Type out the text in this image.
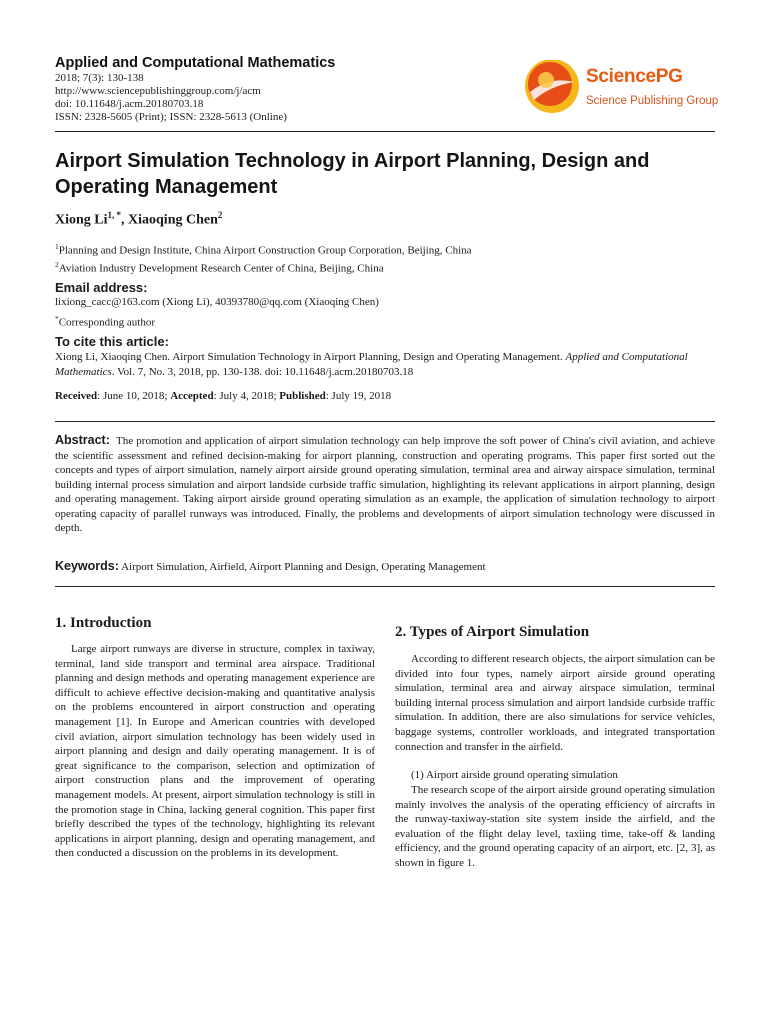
Applied and Computational Mathematics
2018; 7(3): 130-138
http://www.sciencepublishinggroup.com/j/acm
doi: 10.11648/j.acm.20180703.18
ISSN: 2328-5605 (Print); ISSN: 2328-5613 (Online)
SciencePG
Science Publishing Group
Airport Simulation Technology in Airport Planning, Design and Operating Management
Xiong $Li^{1, *}$, Xiaoqing Chen$^2$
$^1$Planning and Design Institute, China Airport Construction Group Corporation, Beijing, China
$^2$Aviation Industry Development Research Center of China, Beijing, China
Email address:
lixiong_cacc@163.com (Xiong Li), 40393780@qq.com (Xiaoqing Chen)
*Corresponding author
To cite this article:
Xiong Li, Xiaoqing Chen. Airport Simulation Technology in Airport Planning, Design and Operating Management. Applied and Computational Mathematics. Vol. 7, No. 3, 2018, pp. 130-138. doi: 10.11648/j.acm.20180703.18
Received: June 10, 2018; Accepted: July 4, 2018; Published: July 19, 2018
Abstract: The promotion and application of airport simulation technology can help improve the soft power of China's civil aviation, and achieve the scientific assessment and refined decision-making for airport planning, construction and operating programs. This paper first sorted out the concepts and types of airport simulation, namely airport airside ground operating simulation, terminal area and airway airspace simulation, terminal building internal process simulation and airport landside curbside traffic simulation, highlighting its relevant applications in airport planning, design and operating management. Taking airport airside ground operating simulation as an example, the application of simulation technology to airport operating capacity of parallel runways was introduced. Finally, the problems and developments of airport simulation technology were discussed in depth.
Keywords: Airport Simulation, Airfield, Airport Planning and Design, Operating Management
1. Introduction
Large airport runways are diverse in structure, complex in taxiway, terminal, land side transport and terminal area airspace. Traditional planning and design methods and operating management experience are difficult to achieve effective decision-making and quantitative analysis on the problems encountered in airport construction and operating management [1]. In Europe and American countries with developed civil aviation, airport simulation technology has been widely used in airport planning and design and daily operating management. It is of great significance to the comparison, selection and optimization of airport construction plans and the improvement of operating management models. At present, airport simulation technology is still in the promotion stage in China, lacking general cognition. This paper first briefly described the types of the technology, highlighting its relevant applications in airport planning, design and operating management, and then conducted a discussion on the problems in its development.
2. Types of Airport Simulation
According to different research objects, the airport simulation can be divided into four types, namely airport airside ground operating simulation, terminal area and airway airspace simulation, terminal building internal process simulation and airport landside curbside traffic simulation. In addition, there are also simulations for service vehicles, baggage systems, controller workloads, and integrated transportation connection and transfer in the airfield.
(1) Airport airside ground operating simulation
The research scope of the airport airside ground operating simulation mainly involves the analysis of the operating efficiency of aircrafts in the runway-taxiway-station site system inside the airfield, and the evaluation of the flight delay level, taxiing time, take-off & landing efficiency, and the ground operating capacity of an airport, etc. [2, 3], as shown in figure 1.
